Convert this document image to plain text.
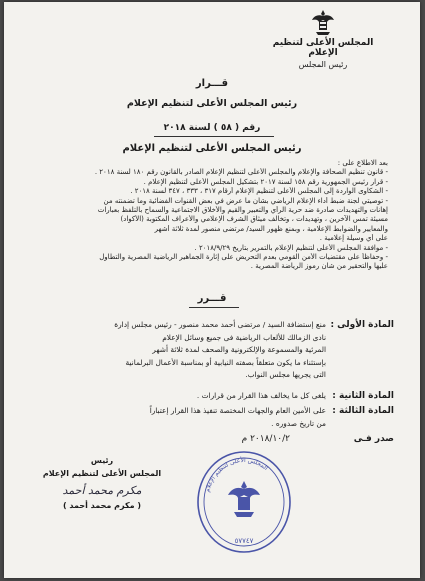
المجلس الأعلى لتنظيم الإعلام
رئيس المجلس
قـــرار
رئيس المجلس الأعلى لتنظيم الإعلام
رقم ( ٥٨ ) لسنة ٢٠١٨
رئيس المجلس الأعلى لتنظيم الإعلام
بعد الاطلاع على :
- قانون تنظيم الصحافة والإعلام والمجلس الأعلى لتنظيم الإعلام الصادر بالقانون رقم ١٨٠ لسنة ٢٠١٨ .
- قرار رئيس الجمهورية رقم ١٥٨ لسنة ٢٠١٧ بتشكيل المجلس الأعلى لتنظيم الإعلام .
- الشكاوى الواردة إلى المجلس الأعلى لتنظيم الإعلام أرقام ٣١٧ ، ٣٣٣ ، ٣٤٧ لسنة ٢٠١٨ .
- توصيتي لجنة ضبط أداء الإعلام الرياضي بشأن ما عرض في بعض القنوات الفضائية وما تضمنته من
إهانات والتهديدات صادرة ضد حرية الرأي والتعبير والقيم والأخلاق الاجتماعية والسماح بالتلفظ بعبارات
مسيئة تمس الآخرين ، وتهديدات ، وتخالف ميثاق الشرف الإعلامي والأعراف المكتوبة (الأكواد)
والمعايير والضوابط الإعلامية ، وبمنع ظهور السيد/ مرتضى منصور لمدة ثلاثة أشهر
على أي وسيلة إعلامية .
- موافقة المجلس الأعلى لتنظيم الإعلام بالتمرير بتاريخ ٢٠١٨/٩/٢٩ .
- وحفاظاً على مقتضيات الأمن القومي بعدم التحريض على إثارة الجماهير الرياضية المصرية والتطاول
عليها والتحقير من شأن رموز الرياضة المصرية .
قـــرر
المادة الأولى :
منع إستضافة السيد / مرتضى أحمد محمد منصور - رئيس مجلس إدارة
نادى الزمالك للألعاب الرياضية فى جميع وسائل الإعلام
المرئية والمسموعة والإلكترونية والصحف لمدة ثلاثة أشهر
بإستثناء ما يكون متعلقاً بصفته النيابية أو بمناسبة الأعمال البرلمانية
التى يجريها مجلس النواب.
المادة الثانية :
يلغى كل ما يخالف هذا القرار من قرارات .
المادة الثالثة :
على الأمين العام والجهات المختصة تنفيذ هذا القرار إعتباراً
من تاريخ صدوره .
صدر فـى
٢٠١٨/١٠/٢ م
المجلس الأعلى لتنظيم الإعلام
٥٧٧٤٧
رئيس
المجلس الأعلى لتنظيم الإعلام
مكرم محمد أحمد
( مكرم محمد أحمد )
